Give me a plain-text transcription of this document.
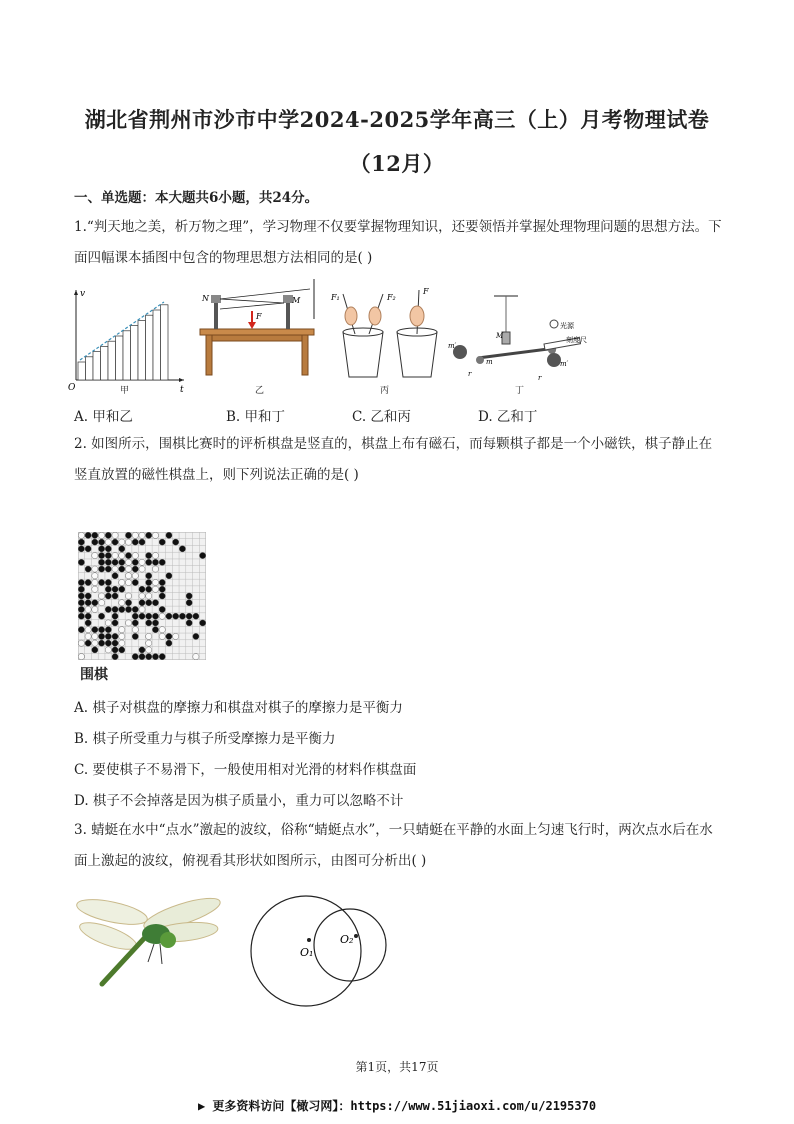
湖北省荆州市沙市中学2024-2025学年高三（上）月考物理试卷（12月）
一、单选题：本大题共6小题，共24分。
1.“判天地之美，析万物之理”，学习物理不仅要掌握物理知识，还要领悟并掌握处理物理问题的思想方法。下面四幅课本插图中包含的物理思想方法相同的是( )
v
t
O	甲
N	M
F
乙
F₁	F₂
F
丙
光源
刻度尺
m′
m
r
M
m′
r
丁
A. 甲和乙	B. 甲和丁	C. 乙和丙	D. 乙和丁
2. 如图所示，围棋比赛时的评析棋盘是竖直的，棋盘上布有磁石，而每颗棋子都是一个小磁铁，棋子静止在竖直放置的磁性棋盘上，则下列说法正确的是( )
围棋
A. 棋子对棋盘的摩擦力和棋盘对棋子的摩擦力是平衡力
B. 棋子所受重力与棋子所受摩擦力是平衡力
C. 要使棋子不易滑下，一般使用相对光滑的材料作棋盘面
D. 棋子不会掉落是因为棋子质量小，重力可以忽略不计
3. 蜻蜓在水中“点水”激起的波纹，俗称“蜻蜓点水”，一只蜻蜓在平静的水面上匀速飞行时，两次点水后在水面上激起的波纹，俯视看其形状如图所示，由图可分析出( )
O₁
O₂
第1页，共17页
▶ 更多资料访问【橄习网】：https://www.51jiaoxi.com/u/2195370
